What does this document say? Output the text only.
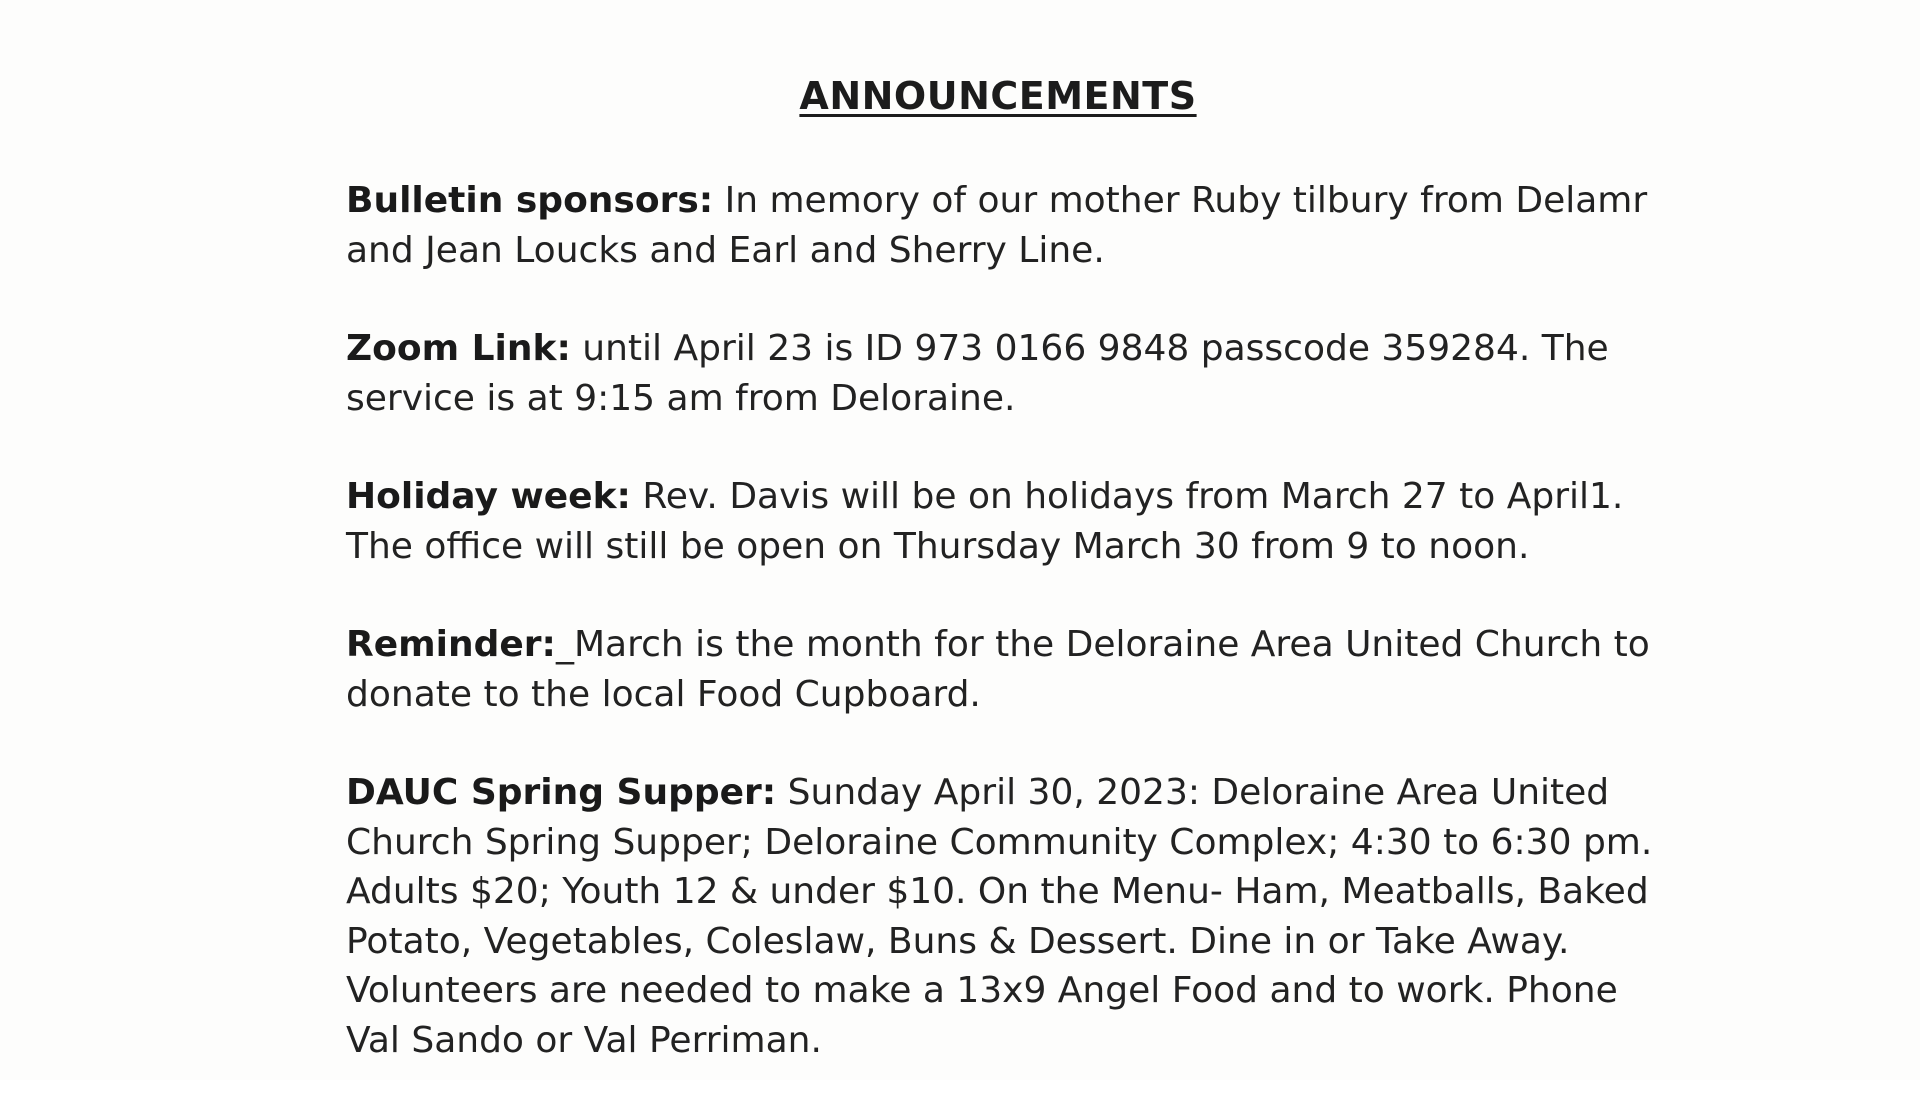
ANNOUNCEMENTS

Bulletin sponsors: In memory of our mother Ruby tilbury from Delamr and Jean Loucks and Earl and Sherry Line.

Zoom Link: until April 23 is ID 973 0166 9848 passcode 359284. The service is at 9:15 am from Deloraine.

Holiday week: Rev. Davis will be on holidays from March 27 to April1. The office will still be open on Thursday March 30 from 9 to noon.

Reminder:_March is the month for the Deloraine Area United Church to donate to the local Food Cupboard.

DAUC Spring Supper: Sunday April 30, 2023: Deloraine Area United Church Spring Supper; Deloraine Community Complex; 4:30 to 6:30 pm. Adults $20; Youth 12 & under $10. On the Menu- Ham, Meatballs, Baked Potato, Vegetables, Coleslaw, Buns & Dessert. Dine in or Take Away. Volunteers are needed to make a 13x9 Angel Food and to work. Phone Val Sando or Val Perriman.
